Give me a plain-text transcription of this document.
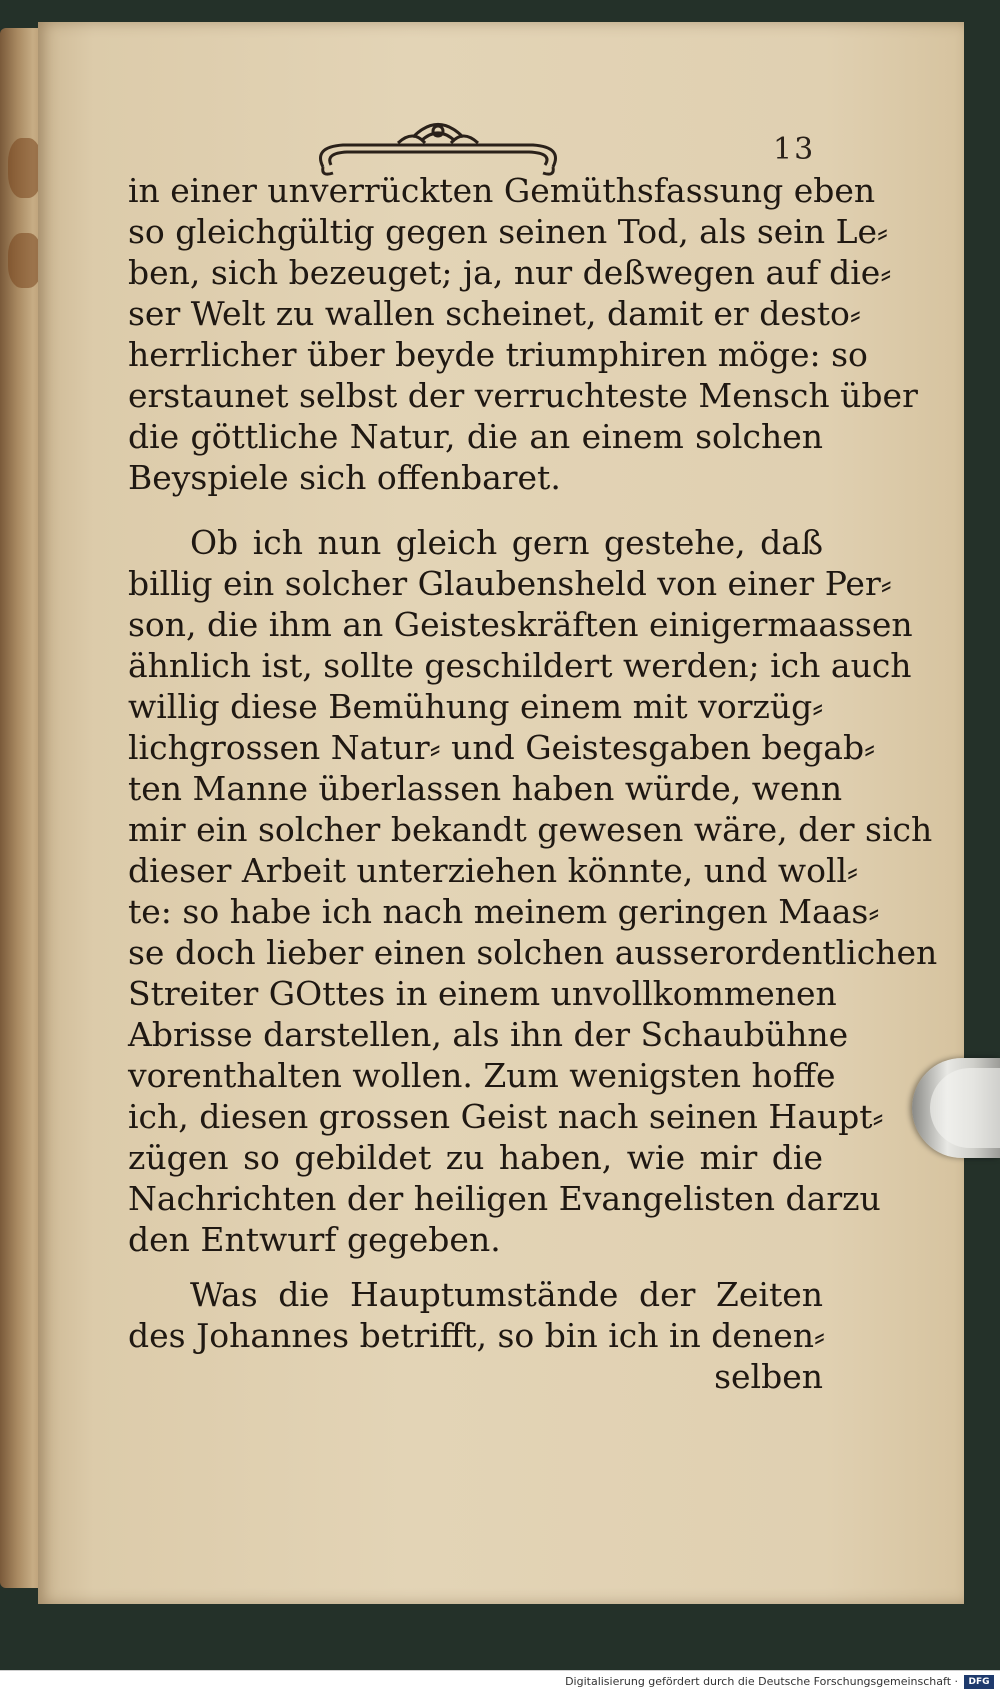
13
in einer unverrückten Gemüthsfassung eben
so gleichgültig gegen seinen Tod, als sein Le⸗
ben, sich bezeuget; ja, nur deßwegen auf die⸗
ser Welt zu wallen scheinet, damit er desto⸗
herrlicher über beyde triumphiren möge: so
erstaunet selbst der verruchteste Mensch über
die göttliche Natur, die an einem solchen
Beyspiele sich offenbaret.
Ob ich nun gleich gern gestehe, daß
billig ein solcher Glaubensheld von einer Per⸗
son, die ihm an Geisteskräften einigermaassen
ähnlich ist, sollte geschildert werden; ich auch
willig diese Bemühung einem mit vorzüg⸗
lichgrossen Natur⸗ und Geistesgaben begab⸗
ten Manne überlassen haben würde, wenn
mir ein solcher bekandt gewesen wäre, der sich
dieser Arbeit unterziehen könnte, und woll⸗
te: so habe ich nach meinem geringen Maas⸗
se doch lieber einen solchen ausserordentlichen
Streiter GOttes in einem unvollkommenen
Abrisse darstellen, als ihn der Schaubühne
vorenthalten wollen. Zum wenigsten hoffe
ich, diesen grossen Geist nach seinen Haupt⸗
zügen so gebildet zu haben, wie mir die
Nachrichten der heiligen Evangelisten darzu
den Entwurf gegeben.
Was die Hauptumstände der Zeiten
des Johannes betrifft, so bin ich in denen⸗
selben
Digitalisierung gefördert durch die Deutsche Forschungsgemeinschaft ·	DFG
